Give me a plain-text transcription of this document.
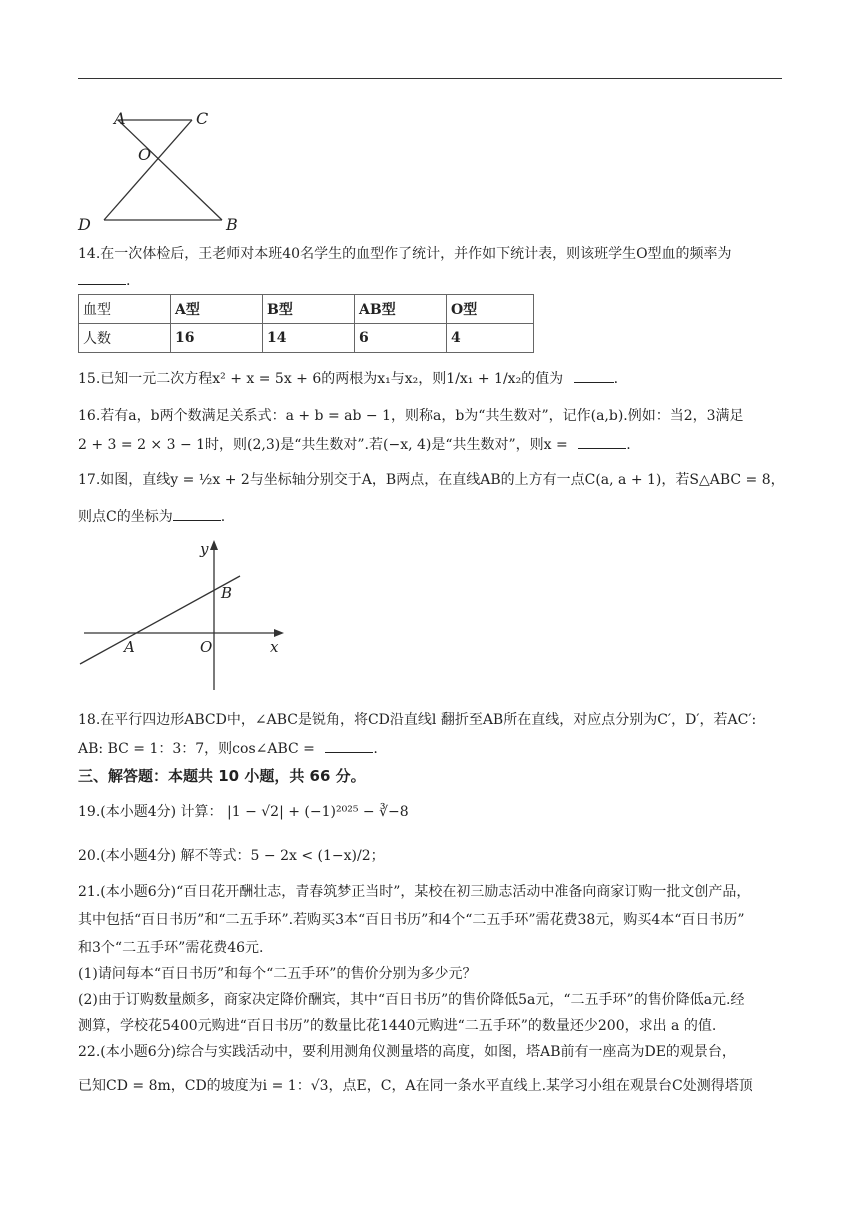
A	C
O
D	B
14.在一次体检后，王老师对本班40名学生的血型作了统计，并作如下统计表，则该班学生O型血的频率为
.
血型	A型	B型	AB型	O型
人数	16	14	6	4
15.已知一元二次方程x² + x = 5x + 6的两根为x₁与x₂，则1/x₁ + 1/x₂的值为	.
16.若有a，b两个数满足关系式：a + b = ab − 1，则称a，b为“共生数对”，记作(a,b).例如：当2，3满足
2 + 3 = 2 × 3 − 1时，则(2,3)是“共生数对”.若(−x, 4)是“共生数对”，则x =	.
17.如图，直线y = ½x + 2与坐标轴分别交于A，B两点，在直线AB的上方有一点C(a, a + 1)，若S△ABC = 8，
则点C的坐标为	.
y
x
A
B
O
18.在平行四边形ABCD中，∠ABC是锐角，将CD沿直线l 翻折至AB所在直线，对应点分别为C′，D′，若AC′:
AB: BC = 1：3：7，则cos∠ABC =	.
三、解答题：本题共 10 小题，共 66 分。
19.(本小题4分) 计算： |1 − √2| + (−1)²⁰²⁵ − ∛−8
20.(本小题4分) 解不等式：5 − 2x < (1−x)/2；
21.(本小题6分)“百日花开酬壮志，青春筑梦正当时”，某校在初三励志活动中准备向商家订购一批文创产品，
其中包括“百日书历”和“二五手环”.若购买3本“百日书历”和4个“二五手环”需花费38元，购买4本“百日书历”
和3个“二五手环”需花费46元.
(1)请问每本“百日书历”和每个“二五手环”的售价分别为多少元？
(2)由于订购数量颇多，商家决定降价酬宾，其中“百日书历”的售价降低5a元，“二五手环”的售价降低a元.经
测算，学校花5400元购进“百日书历”的数量比花1440元购进“二五手环”的数量还少200，求出 a 的值.
22.(本小题6分)综合与实践活动中，要利用测角仪测量塔的高度，如图，塔AB前有一座高为DE的观景台，
已知CD = 8m，CD的坡度为i = 1：√3，点E，C，A在同一条水平直线上.某学习小组在观景台C处测得塔顶
